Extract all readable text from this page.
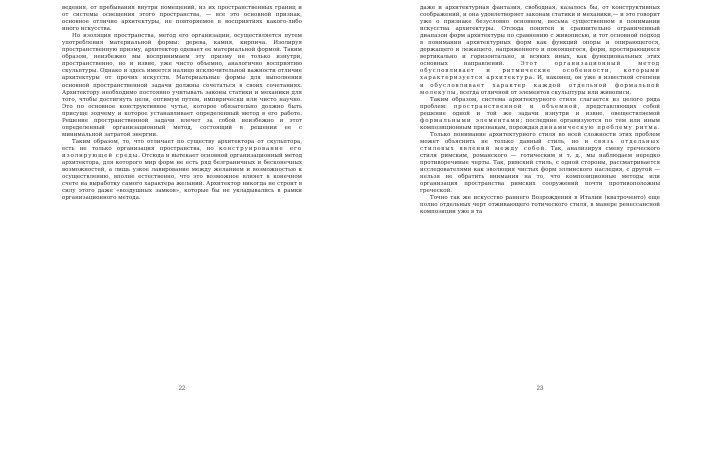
ведения, от пребывания внутри помещений, из их пространственных границ и от системы освещения этого пространства, — все это основной признак, основное отличие архитектуры, не повторяемое в восприятиях какого-либо иного искусства.

Но изоляция пространства, метод его организации, осуществляется путем употребления материальной формы: дерева, камня, кирпича. Изолируя пространственную призму, архитектор одевает ее материальной формой. Таким образом, неизбежно мы воспринимаем эту призму не только изнутри, пространственно, но и извне, уже чисто объемно, аналогично восприятию скульптуры. Однако и здесь имеется налицо исключительной важности отличие архитектуры от прочих искусств. Материальные формы для выполнения основной пространственной задачи должны сочетаться в своих сочетаниях. Архитектору необходимо постоянно учитывать законы статики и механики для того, чтобы достигнуть цели, оптимум путем, импирически или чисто научно. Это по основное конструктивное чутье, которое обязательно должно быть присуще зодчему и которое устанавливает определенный метод в его работе. Решение пространственной задачи влечет за собой неизбежно и этот определенный организационный метод, состоящий в решении ее с минимальной затратой энергии.

Таким образом, то, что отличает по существу архитектора от скульптора, есть не только организация пространства, но конструирование его изолирующей среды. Отсюда и вытекает основной организационный метод архитектора, для которого мир форм не есть ряд безграничных и бесконечных возможностей, а лишь узкое лавирование между желанием и возможностью к осуществлению, вполне естественно, что это возможное влияет в конечном счете на выработку самого характера желаний. Архитектор никогда не строит в силу этого даже «воздушных замков», которые бы не укладывались в рамки организационного метода.

22

даже и архитектурная фантазия, свободная, казалось бы, от конструктивных соображений, и она удовлетворяет законам статики и механики,— и это говорит уже о признаке безусловно основном, весьма существенном в понимании искусства архитектуры. Отсюда понятен и сравнительно ограниченный диапазон форм архитектуры по сравнению с живописью, и тот основной подход в понимании архитектурных форм как функций опоры и опирающегося, держащего и лежащего, напряженного и покоящегося, форм, простирающихся вертикально и горизонтально, и всяких иных, как функциональных этих основных направлений. Этот организационный метод обусловливает и ритмические особенности, которыми характеризуется архитектура. И, наконец, он уже в известной степени и обусловливает характер каждой отдельной формальной молекулы, всегда отличной от элементов скульптуры или живописи.

Таким образом, система архитектурного стиля слагается из целого ряда проблем: пространственной и объемной, представляющих собой решение одной и той же задачи изнутри и извне, овеществляемой формальными элементами; последние организуются по тем или иным композиционным признакам, порождая динамическую проблему ритма.

Только понимание архитектурного стиля во всей сложности этих проблем может объяснить не только данный стиль, но и связь отдельных стилевых явлений между собой. Так, анализируя смену греческого стиля римским, романского — готическим и т. д., мы наблюдаем нередко противоречивые черты. Так, римский стиль, с одной стороны, рассматривается исследователями как эволюция чистых форм эллинского наследия, с другой — нельзя не обратить внимания на то, что композиционные методы или организация пространства римских сооружений почти противоположны греческой.

Точно так же искусство раннего Возрождения в Италии (кватроченто) еще полно отдельных черт отживающего готического стиля, в манере ренессансной композиции уже в та

23
